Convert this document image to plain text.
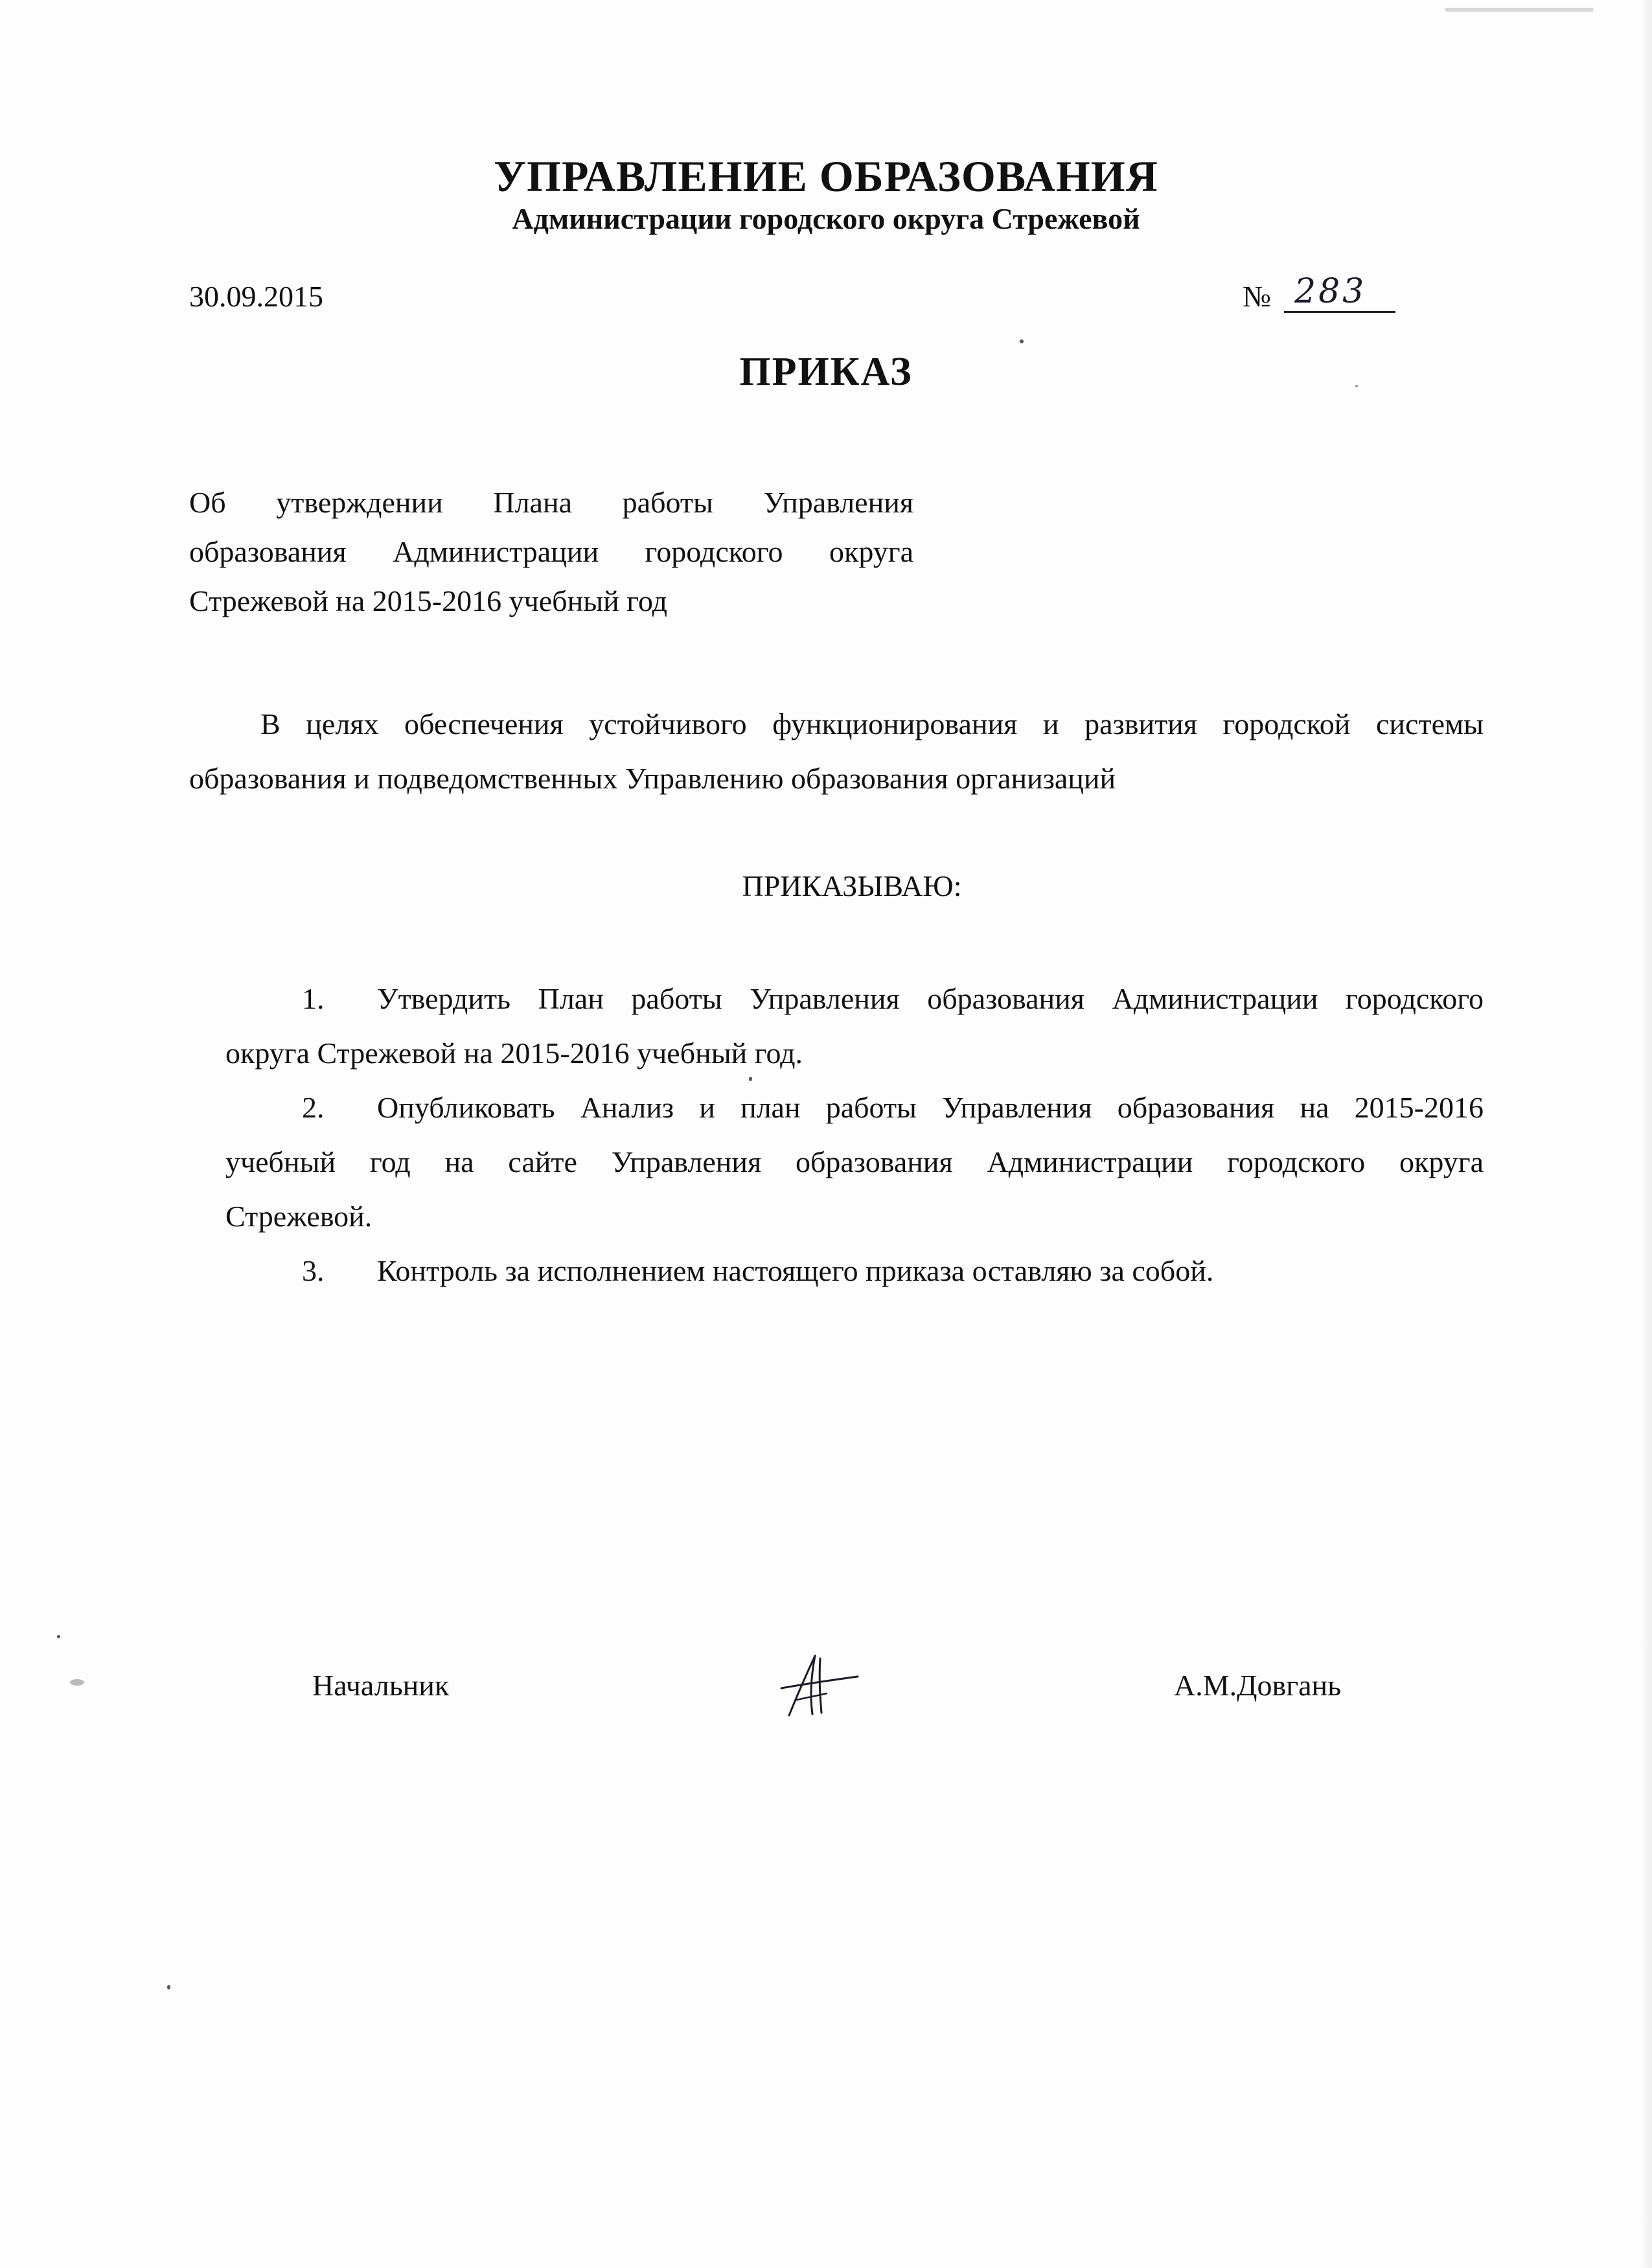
УПРАВЛЕНИЕ ОБРАЗОВАНИЯ
Администрации городского округа Стрежевой
30.09.2015	№ 283
ПРИКАЗ
Об утверждении Плана работы Управления
образования Администрации городского округа
Стрежевой на 2015-2016 учебный год
В целях обеспечения устойчивого функционирования и развития городской системы
образования и подведомственных Управлению образования организаций
ПРИКАЗЫВАЮ:
1. Утвердить План работы Управления образования Администрации городского
округа Стрежевой на 2015-2016 учебный год.
2. Опубликовать Анализ и план работы Управления образования на 2015-2016
учебный год на сайте Управления образования Администрации городского округа
Стрежевой.
3. Контроль за исполнением настоящего приказа оставляю за собой.
Начальник	А.М.Довгань
